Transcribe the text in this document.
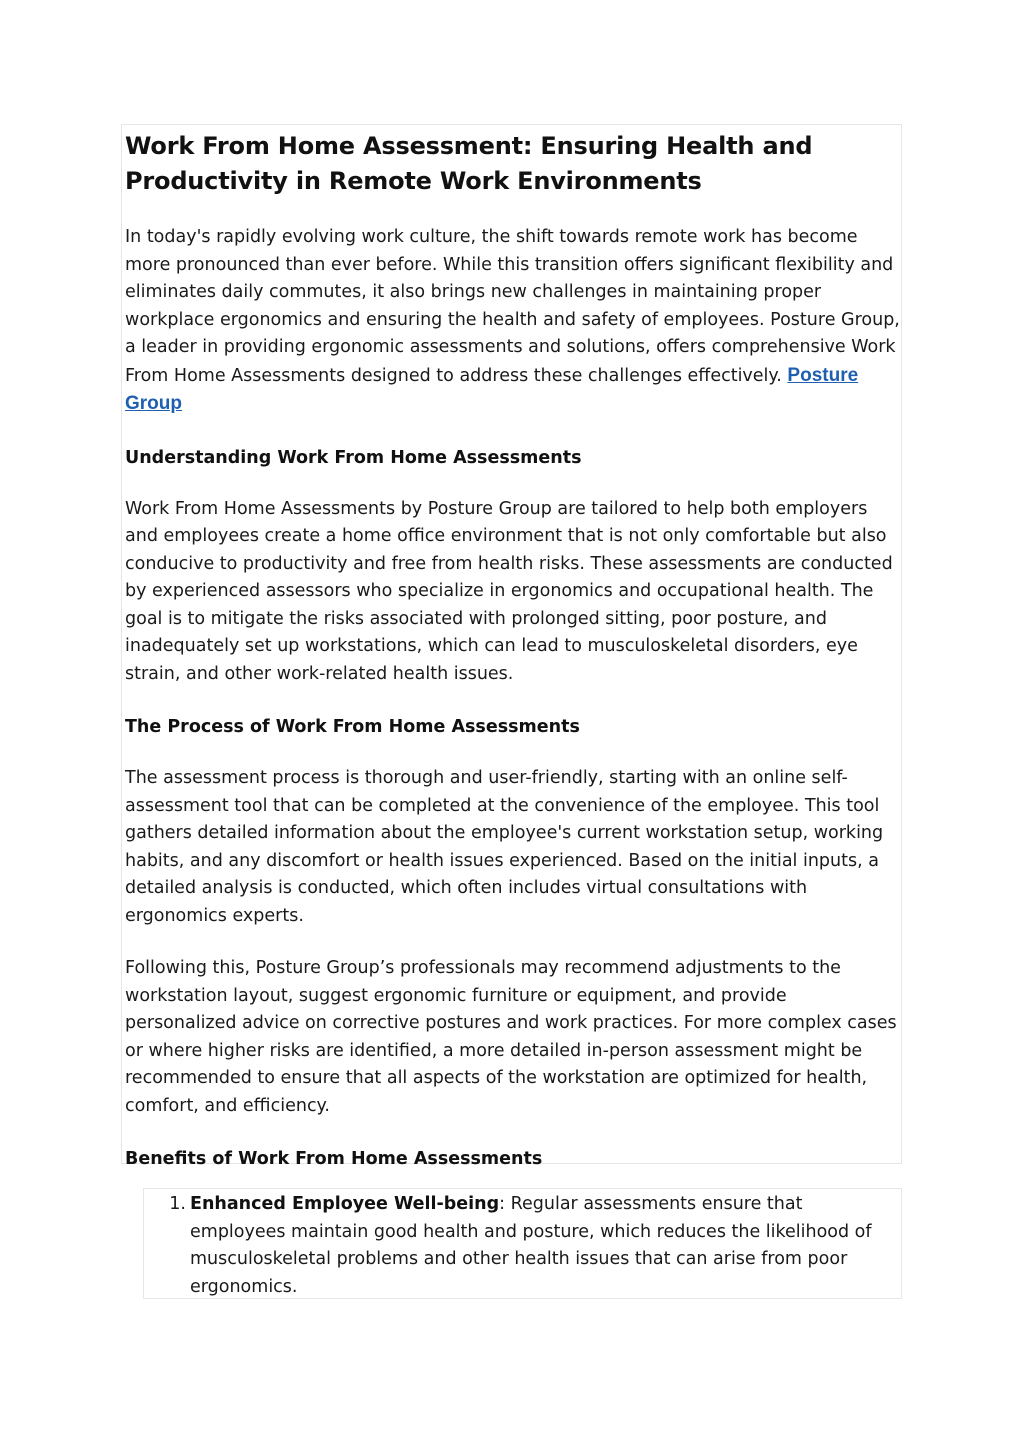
Work From Home Assessment: Ensuring Health and Productivity in Remote Work Environments

In today's rapidly evolving work culture, the shift towards remote work has become more pronounced than ever before. While this transition offers significant flexibility and eliminates daily commutes, it also brings new challenges in maintaining proper workplace ergonomics and ensuring the health and safety of employees. Posture Group, a leader in providing ergonomic assessments and solutions, offers comprehensive Work From Home Assessments designed to address these challenges effectively. Posture Group

Understanding Work From Home Assessments

Work From Home Assessments by Posture Group are tailored to help both employers and employees create a home office environment that is not only comfortable but also conducive to productivity and free from health risks. These assessments are conducted by experienced assessors who specialize in ergonomics and occupational health. The goal is to mitigate the risks associated with prolonged sitting, poor posture, and inadequately set up workstations, which can lead to musculoskeletal disorders, eye strain, and other work-related health issues.

The Process of Work From Home Assessments

The assessment process is thorough and user-friendly, starting with an online self-assessment tool that can be completed at the convenience of the employee. This tool gathers detailed information about the employee's current workstation setup, working habits, and any discomfort or health issues experienced. Based on the initial inputs, a detailed analysis is conducted, which often includes virtual consultations with ergonomics experts.

Following this, Posture Group’s professionals may recommend adjustments to the workstation layout, suggest ergonomic furniture or equipment, and provide personalized advice on corrective postures and work practices. For more complex cases or where higher risks are identified, a more detailed in-person assessment might be recommended to ensure that all aspects of the workstation are optimized for health, comfort, and efficiency.

Benefits of Work From Home Assessments
1. Enhanced Employee Well-being: Regular assessments ensure that employees maintain good health and posture, which reduces the likelihood of musculoskeletal problems and other health issues that can arise from poor ergonomics.
